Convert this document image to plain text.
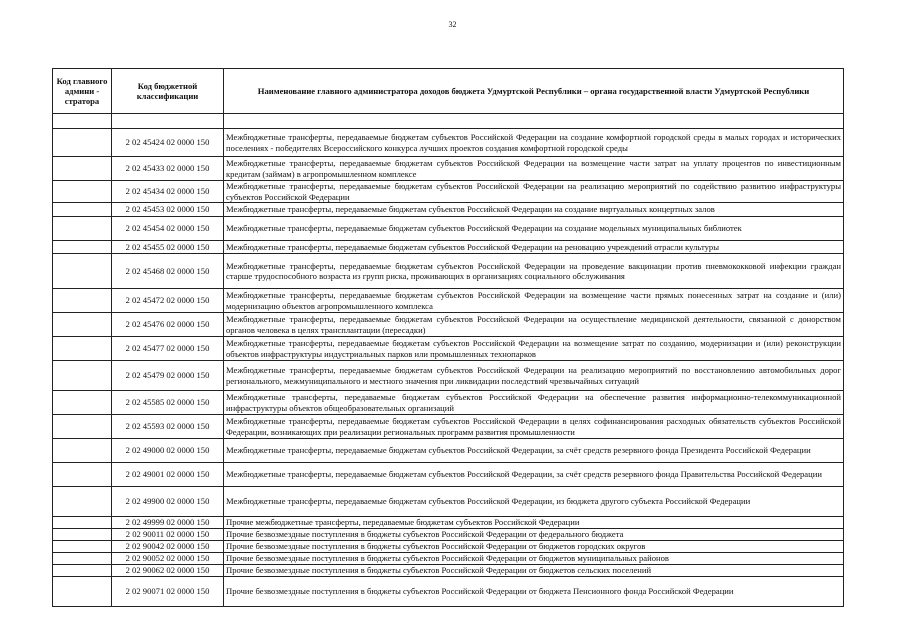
32
Код главного админи - стратора	Код бюджетной классификации	Наименование главного администратора доходов бюджета Удмуртской Республики – органа государственной власти Удмуртской Республики

	2 02 45424 02 0000 150	Межбюджетные трансферты, передаваемые бюджетам субъектов Российской Федерации на создание комфортной городской среды в малых городах и исторических поселениях - победителях Всероссийского конкурса лучших проектов создания комфортной городской среды
	2 02 45433 02 0000 150	Межбюджетные трансферты, передаваемые бюджетам субъектов Российской Федерации на возмещение части затрат на уплату процентов по инвестиционным кредитам (займам) в агропромышленном комплексе
	2 02 45434 02 0000 150	Межбюджетные трансферты, передаваемые бюджетам субъектов Российской Федерации на реализацию мероприятий по содействию развитию инфраструктуры субъектов Российской Федерации
	2 02 45453 02 0000 150	Межбюджетные трансферты, передаваемые бюджетам субъектов Российской Федерации на создание виртуальных концертных залов
	2 02 45454 02 0000 150	Межбюджетные трансферты, передаваемые бюджетам субъектов Российской Федерации на создание модельных муниципальных библиотек
	2 02 45455 02 0000 150	Межбюджетные трансферты, передаваемые бюджетам субъектов Российской Федерации на реновацию учреждений отрасли культуры
	2 02 45468 02 0000 150	Межбюджетные трансферты, передаваемые бюджетам субъектов Российской Федерации на проведение вакцинации против пневмококковой инфекции граждан старше трудоспособного возраста из групп риска, проживающих в организациях социального обслуживания
	2 02 45472 02 0000 150	Межбюджетные трансферты, передаваемые бюджетам субъектов Российской Федерации на возмещение части прямых понесенных затрат на создание и (или) модернизацию объектов агропромышленного комплекса
	2 02 45476 02 0000 150	Межбюджетные трансферты, передаваемые бюджетам субъектов Российской Федерации на осуществление медицинской деятельности, связанной с донорством органов человека в целях трансплантации (пересадки)
	2 02 45477 02 0000 150	Межбюджетные трансферты, передаваемые бюджетам субъектов Российской Федерации на возмещение затрат по созданию, модернизации и (или) реконструкции объектов инфраструктуры индустриальных парков или промышленных технопарков
	2 02 45479 02 0000 150	Межбюджетные трансферты, передаваемые бюджетам субъектов Российской Федерации на реализацию мероприятий по восстановлению автомобильных дорог регионального, межмуниципального и местного значения при ликвидации последствий чрезвычайных ситуаций
	2 02 45585 02 0000 150	Межбюджетные трансферты, передаваемые бюджетам субъектов Российской Федерации на обеспечение развития информационно-телекоммуникационной инфраструктуры объектов общеобразовательных организаций
	2 02 45593 02 0000 150	Межбюджетные трансферты, передаваемые бюджетам субъектов Российской Федерации в целях софинансирования расходных обязательств субъектов Российской Федерации, возникающих при реализации региональных программ развития промышленности
	2 02 49000 02 0000 150	Межбюджетные трансферты, передаваемые бюджетам субъектов Российской Федерации, за счёт средств резервного фонда Президента Российской Федерации
	2 02 49001 02 0000 150	Межбюджетные трансферты, передаваемые бюджетам субъектов Российской Федерации, за счёт средств резервного фонда Правительства Российской Федерации
	2 02 49900 02 0000 150	Межбюджетные трансферты, передаваемые бюджетам субъектов Российской Федерации, из бюджета другого субъекта Российской Федерации
	2 02 49999 02 0000 150	Прочие межбюджетные трансферты, передаваемые бюджетам субъектов Российской Федерации
	2 02 90011 02 0000 150	Прочие безвозмездные поступления в бюджеты субъектов Российской Федерации от федерального бюджета
	2 02 90042 02 0000 150	Прочие безвозмездные поступления в бюджеты субъектов Российской Федерации от бюджетов городских округов
	2 02 90052 02 0000 150	Прочие безвозмездные поступления в бюджеты субъектов Российской Федерации от бюджетов муниципальных районов
	2 02 90062 02 0000 150	Прочие безвозмездные поступления в бюджеты субъектов Российской Федерации от бюджетов сельских поселений
	2 02 90071 02 0000 150	Прочие безвозмездные поступления в бюджеты субъектов Российской Федерации от бюджета Пенсионного фонда Российской Федерации
